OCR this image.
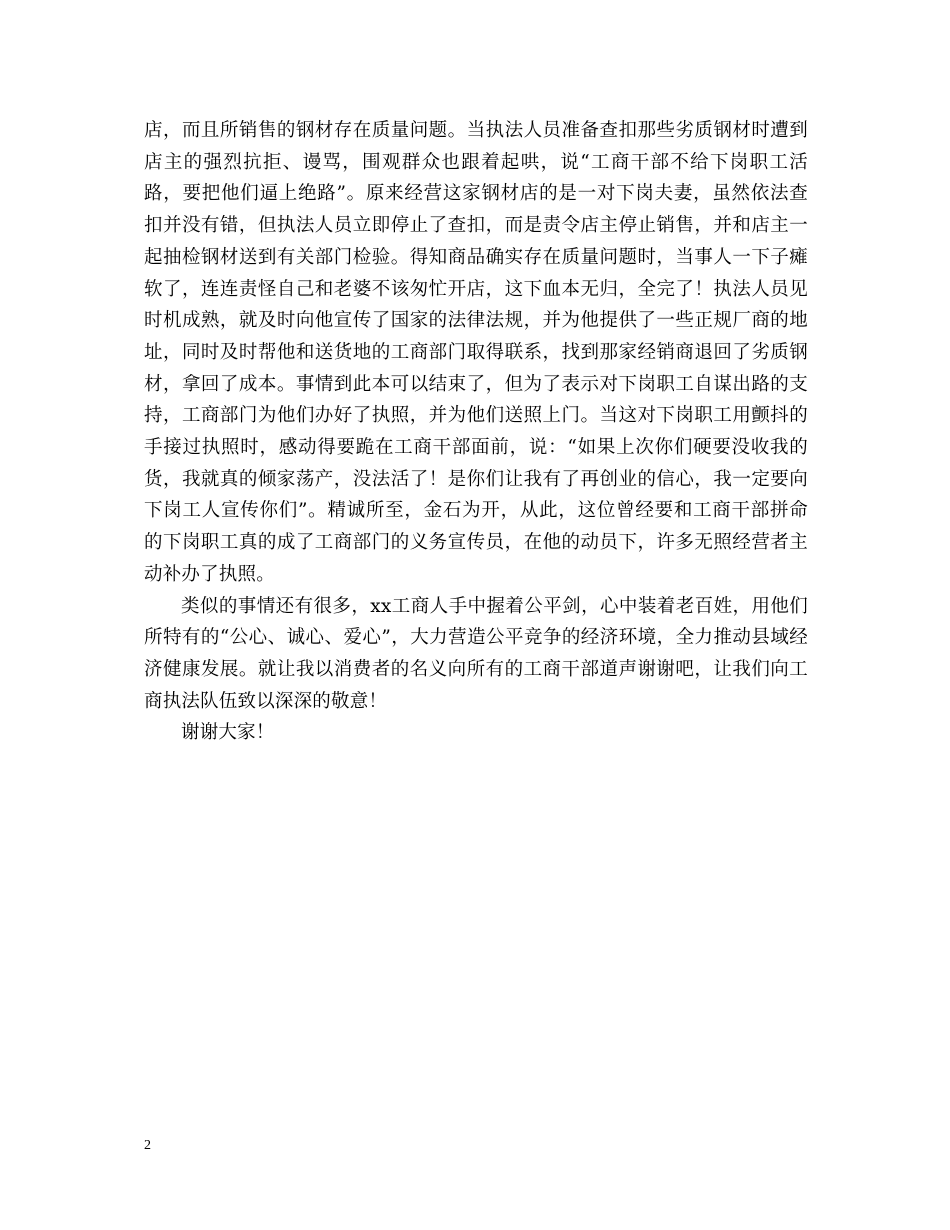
店，而且所销售的钢材存在质量问题。当执法人员准备查扣那些劣质钢材时遭到店主的强烈抗拒、谩骂，围观群众也跟着起哄，说“工商干部不给下岗职工活路，要把他们逼上绝路”。原来经营这家钢材店的是一对下岗夫妻，虽然依法查扣并没有错，但执法人员立即停止了查扣，而是责令店主停止销售，并和店主一起抽检钢材送到有关部门检验。得知商品确实存在质量问题时，当事人一下子瘫软了，连连责怪自己和老婆不该匆忙开店，这下血本无归，全完了！执法人员见时机成熟，就及时向他宣传了国家的法律法规，并为他提供了一些正规厂商的地址，同时及时帮他和送货地的工商部门取得联系，找到那家经销商退回了劣质钢材，拿回了成本。事情到此本可以结束了，但为了表示对下岗职工自谋出路的支持，工商部门为他们办好了执照，并为他们送照上门。当这对下岗职工用颤抖的手接过执照时，感动得要跪在工商干部面前，说：“如果上次你们硬要没收我的货，我就真的倾家荡产，没法活了！是你们让我有了再创业的信心，我一定要向下岗工人宣传你们”。精诚所至，金石为开，从此，这位曾经要和工商干部拼命的下岗职工真的成了工商部门的义务宣传员，在他的动员下，许多无照经营者主动补办了执照。

类似的事情还有很多，xx工商人手中握着公平剑，心中装着老百姓，用他们所特有的“公心、诚心、爱心”，大力营造公平竞争的经济环境，全力推动县域经济健康发展。就让我以消费者的名义向所有的工商干部道声谢谢吧，让我们向工商执法队伍致以深深的敬意！

谢谢大家！

2
